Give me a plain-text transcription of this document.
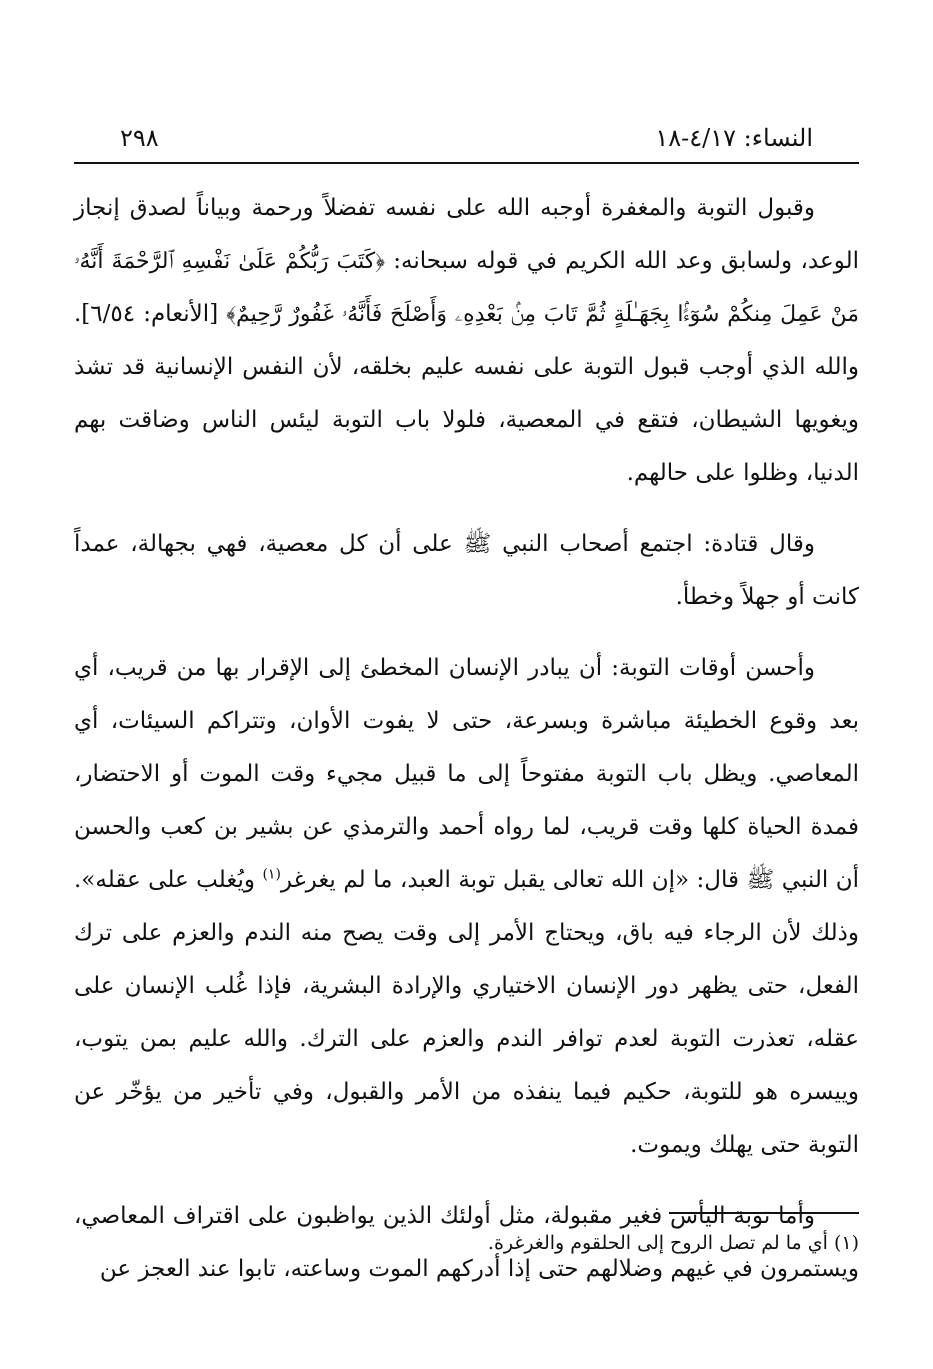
النساء: ٤/١٧-١٨
٢٩٨

وقبول التوبة والمغفرة أوجبه الله على نفسه تفضلاً ورحمة وبياناً لصدق إنجاز الوعد، ولسابق وعد الله الكريم في قوله سبحانه: ﴿كَتَبَ رَبُّكُمْ عَلَىٰ نَفْسِهِ ٱلرَّحْمَةَ أَنَّهُۥ مَنْ عَمِلَ مِنكُمْ سُوٓءًۢا بِجَهَـٰلَةٍ ثُمَّ تَابَ مِنۢ بَعْدِهِۦ وَأَصْلَحَ فَأَنَّهُۥ غَفُورٌ رَّحِيمٌ﴾ [الأنعام: ٦/٥٤]. والله الذي أوجب قبول التوبة على نفسه عليم بخلقه، لأن النفس الإنسانية قد تشذ ويغويها الشيطان، فتقع في المعصية، فلولا باب التوبة ليئس الناس وضاقت بهم الدنيا، وظلوا على حالهم.

وقال قتادة: اجتمع أصحاب النبي ﷺ على أن كل معصية، فهي بجهالة، عمداً كانت أو جهلاً وخطأ.

وأحسن أوقات التوبة: أن يبادر الإنسان المخطئ إلى الإقرار بها من قريب، أي بعد وقوع الخطيئة مباشرة وبسرعة، حتى لا يفوت الأوان، وتتراكم السيئات، أي المعاصي. ويظل باب التوبة مفتوحاً إلى ما قبيل مجيء وقت الموت أو الاحتضار، فمدة الحياة كلها وقت قريب، لما رواه أحمد والترمذي عن بشير بن كعب والحسن أن النبي ﷺ قال: «إن الله تعالى يقبل توبة العبد، ما لم يغرغر$^{(١)}$ ويُغلب على عقله». وذلك لأن الرجاء فيه باق، ويحتاج الأمر إلى وقت يصح منه الندم والعزم على ترك الفعل، حتى يظهر دور الإنسان الاختياري والإرادة البشرية، فإذا غُلب الإنسان على عقله، تعذرت التوبة لعدم توافر الندم والعزم على الترك. والله عليم بمن يتوب، وييسره هو للتوبة، حكيم فيما ينفذه من الأمر والقبول، وفي تأخير من يؤخّر عن التوبة حتى يهلك ويموت.

وأما توبة اليأس فغير مقبولة، مثل أولئك الذين يواظبون على اقتراف المعاصي، ويستمرون في غيهم وضلالهم حتى إذا أدركهم الموت وساعته، تابوا عند العجز عن

(١) أي ما لم تصل الروح إلى الحلقوم والغرغرة.
